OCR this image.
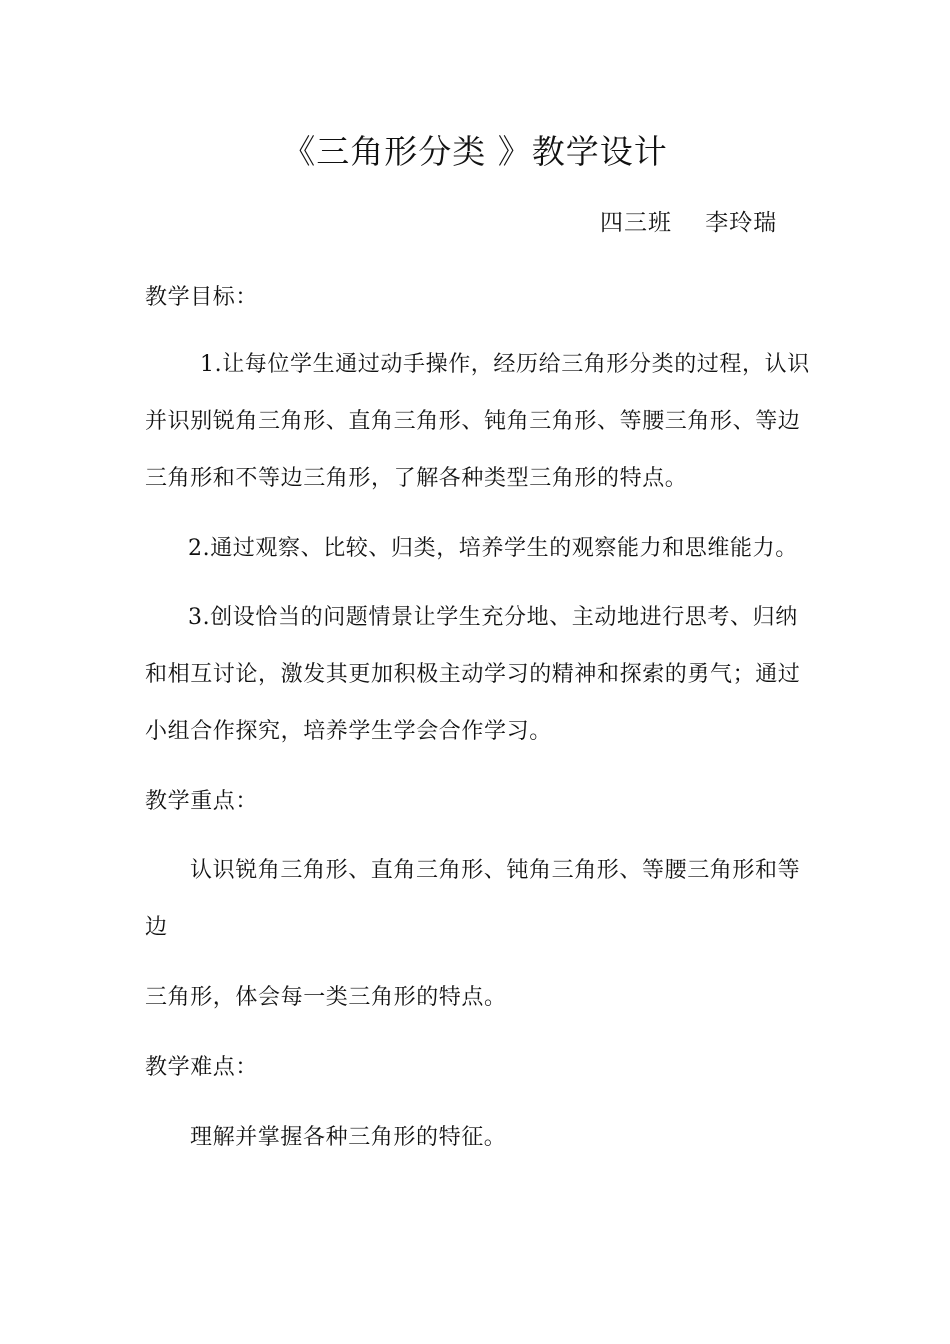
《三角形分类 》教学设计
四三班    李玲瑞
教学目标：
1.让每位学生通过动手操作，经历给三角形分类的过程，认识
并识别锐角三角形、直角三角形、钝角三角形、等腰三角形、等边
三角形和不等边三角形，了解各种类型三角形的特点。
2.通过观察、比较、归类，培养学生的观察能力和思维能力。
3.创设恰当的问题情景让学生充分地、主动地进行思考、归纳
和相互讨论，激发其更加积极主动学习的精神和探索的勇气；通过
小组合作探究，培养学生学会合作学习。
教学重点：
认识锐角三角形、直角三角形、钝角三角形、等腰三角形和等
边
三角形，体会每一类三角形的特点。
教学难点：
理解并掌握各种三角形的特征。
